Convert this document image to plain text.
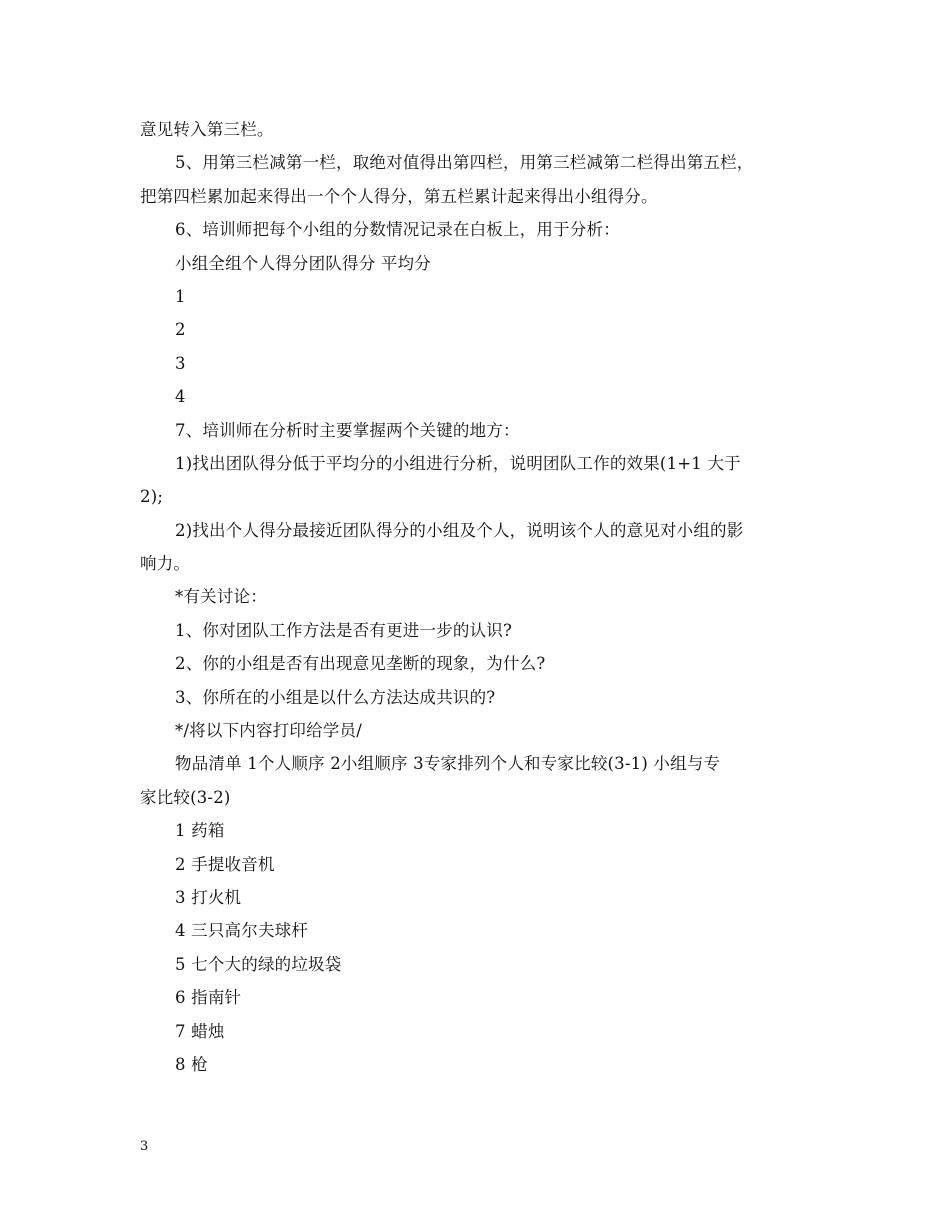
意见转入第三栏。
5、用第三栏减第一栏，取绝对值得出第四栏，用第三栏减第二栏得出第五栏，
把第四栏累加起来得出一个个人得分，第五栏累计起来得出小组得分。
6、培训师把每个小组的分数情况记录在白板上，用于分析：
小组全组个人得分团队得分 平均分
1
2
3
4
7、培训师在分析时主要掌握两个关键的地方：
1)找出团队得分低于平均分的小组进行分析，说明团队工作的效果(1+1 大于
2);
2)找出个人得分最接近团队得分的小组及个人，说明该个人的意见对小组的影
响力。
*有关讨论：
1、你对团队工作方法是否有更进一步的认识?
2、你的小组是否有出现意见垄断的现象，为什么?
3、你所在的小组是以什么方法达成共识的?
*/将以下内容打印给学员/
物品清单 1个人顺序 2小组顺序 3专家排列个人和专家比较(3-1) 小组与专
家比较(3-2)
1 药箱
2 手提收音机
3 打火机
4 三只高尔夫球杆
5 七个大的绿的垃圾袋
6 指南针
7 蜡烛
8 枪
3
